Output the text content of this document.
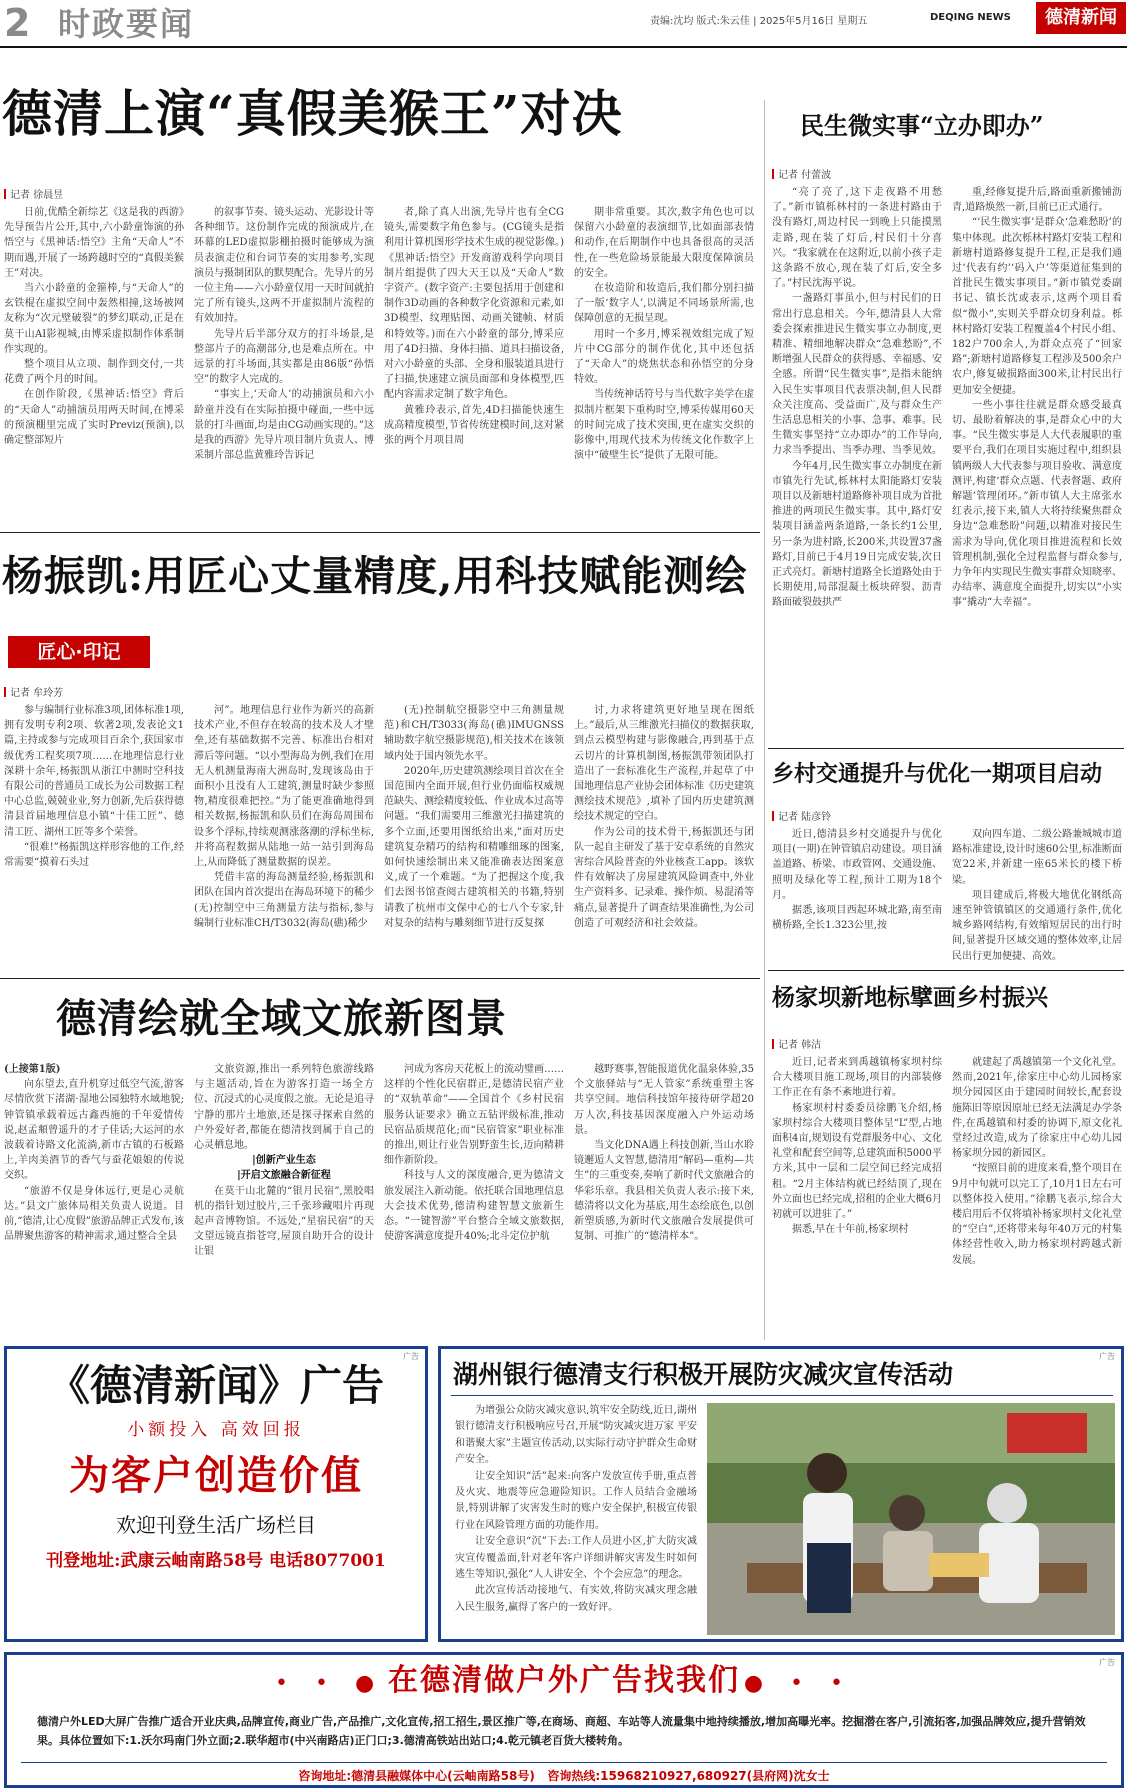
2 时政要闻	责编:沈均 版式:朱云佳 | 2025年5月16日 星期五	DEQING NEWS	德清新闻
德清上演“真假美猴王”对决
记者 徐晨昱

日前,优酷全新综艺《这是我的西游》先导预告片公开,其中,六小龄童饰演的孙悟空与《黑神话:悟空》主角“天命人”不期而遇,开展了一场跨越时空的“真假美猴王”对决。

当六小龄童的金箍棒,与“天命人”的玄铁棍在虚拟空间中轰然相撞,这场被网友称为“次元壁破裂”的梦幻联动,正是在莫干山AI影视城,由博采虚拟制作体系制作实现的。

整个项目从立项、制作到交付,一共花费了两个月的时间。

在创作阶段,《黑神话:悟空》背后的“天命人”动捕演员用两天时间,在博采的预演棚里完成了实时Previz(预演),以确定整部短片

的叙事节奏、镜头运动、光影设计等各种细节。这份制作完成的预演成片,在环幕的LED虚拟影棚拍摄时能够成为演员表演走位和台词节奏的实用参考,实现演员与摄制团队的默契配合。先导片的另一位主角——六小龄童仅用一天时间就拍完了所有镜头,这两不开虚拟制片流程的有效加持。

先导片后半部分双方的打斗场景,是整部片子的高潮部分,也是难点所在。中远景的打斗场面,其实都是由86版“孙悟空”的数字人完成的。

“事实上,‘天命人’的动捕演员和六小龄童并没有在实际拍摄中碰面,一些中远景的打斗画面,均是由CG动画实现的。”这是我的西游》先导片项目制片负责人、博采制片部总监黄雅玲告诉记

者,除了真人出演,先导片也有全CG镜头,需要数字角色参与。(CG镜头是指利用计算机图形学技术生成的视觉影像。)《黑神话:悟空》开发商游戏科学向项目制片组提供了四大天王以及“天命人”数字资产。(数字资产:主要包括用于创建和制作3D动画的各种数字化资源和元素,如3D模型、纹理贴图、动画关键帧、材质和特效等。)而在六小龄童的部分,博采应用了4D扫描、身体扫描、道具扫描设备,对六小龄童的头部、全身和服装道具进行了扫描,快速建立演员面部和身体模型,匹配内容需求定制了数字角色。

黄雅玲表示,首先,4D扫描能快速生成高精度模型,节省传统建模时间,这对紧张的两个月项目周

期非常重要。其次,数字角色也可以保留六小龄童的表演细节,比如面部表情和动作,在后期制作中也具备很高的灵活性,在一些危险场景能最大限度保障演员的安全。

在妆造阶和妆造后,我们都分别扫描了一版‘数字人’,以满足不同场景所需,也保障创意的无损呈现。

用时一个多月,博采视效组完成了短片中CG部分的制作优化,其中还包括了“天命人”的烧焦状态和孙悟空的分身特效。

当传统神话符号与当代数字美学在虚拟制片框架下重构时空,博采传媒用60天的时间完成了技术突围,更在虚实交织的影像中,用现代技术为传统文化作数字上演中“破壁生长”提供了无限可能。

杨振凯:用匠心丈量精度,用科技赋能测绘
匠心·印记
记者 牟玲芳

参与编制行业标准3项,团体标准1项,拥有发明专利2项、软著2项,发表论文1篇,主持或参与完成项目百余个,获国家市级优秀工程奖项7项……在地理信息行业深耕十余年,杨振凯从浙江中测时空科技有限公司的普通员工成长为公司数据工程中心总监,兢兢业业,努力创新,先后获得德清县首届地理信息小镇“十佳工匠”、德清工匠、湖州工匠等多个荣誉。

“很难!”杨振凯这样形容他的工作,经常需要“摸着石头过

河”。地理信息行业作为新兴的高新技术产业,不但存在较高的技术及人才壁垒,还有基础数据不完善、标准出台相对滞后等问题。“以小型海岛为例,我们在用无人机测量海南大洲岛时,发现该岛由于面积小且没有人工建筑,测量时缺少参照物,精度很难把控。”为了能更准确地得到相关数据,杨振凯和队员们在海岛周围布设多个浮标,持续观测涨落潮的浮标坐标,并将高程数据从陆地一站一站引到海岛上,从而降低了测量数据的误差。

凭借丰富的海岛测量经验,杨振凯和团队在国内首次提出在海岛环境下的稀少(无)控制空中三角测量方法与指标,参与编制行业标准CH/T3032(海岛(礁)稀少

(无)控制航空摄影空中三角测量规范)和CH/T3033(海岛(礁)IMUGNSS辅助数字航空摄影规范),相关技术在该领域内处于国内领先水平。

2020年,历史建筑测绘项目首次在全国范围内全面开展,但行业仍面临权威规范缺失、测绘精度较低、作业成本过高等问题。“我们需要用三维激光扫描建筑的多个立面,还要用图纸给出来,”面对历史建筑复杂精巧的结构和精雕细琢的图案,如何快速绘制出来又能准确表达图案意义,成了一个难题。“为了把握这个度,我们去图书馆查阅古建筑相关的书籍,特别请教了杭州市文保中心的七八个专家,针对复杂的结构与雕刻细节进行反复探

讨,力求将建筑更好地呈现在图纸上。”最后,从三维激光扫描仪的数据获取,到点云模型构建与影像融合,再到基于点云切片的计算机制图,杨振凯带领团队打造出了一套标准化生产流程,并起草了中国地理信息产业协会团体标准《历史建筑测绘技术规范》,填补了国内历史建筑测绘技术规定的空白。

作为公司的技术骨干,杨振凯还与团队一起自主研发了基于安卓系统的自然灾害综合风险普查的外业核查工app。该软件有效解决了房屋建筑风险调查中,外业生产资料多、记录难、操作烦、易混淆等痛点,显著提升了调查结果准确性,为公司创造了可观经济和社会效益。

德清绘就全域文旅新图景
(上接第1版)

向东望去,直升机穿过低空气流,游客尽情欣赏下渚湖·湿地公园独特水域地貌;钟管镇承载着远古鑫西施的千年爱情传说,赵孟頫曾遥升的才子佳话;大运河的水波载着诗路文化流淌,新市古镇的石板路上,羊肉美酒节的香气与蚕花娘娘的传说交织。

“旅游不仅是身体远行,更是心灵航达。”县文广旅体局相关负责人说道。目前,“德清,让心度假”旅游品牌正式发布,该品牌聚焦游客的精神需求,通过整合全县

文旅资源,推出一系列特色旅游线路与主题活动,旨在为游客打造一场全方位、沉浸式的心灵度假之旅。无论是追寻宁静的那片土地旅,还是探寻探索自然的户外爱好者,都能在德清找到属于自己的心灵栖息地。

|创新产业生态
|开启文旅融合新征程

在莫干山北麓的“银月民宿”,黑胶唱机的指针划过胶片,三千张珍藏唱片再现起声音博物馆。不远处,“星宿民宿”的天文望远镜直指苍穹,屋顶自助开合的设计让银

河成为客房天花板上的流动璧画……这样的个性化民宿群正,是德清民宿产业的“双轨革命”——全国首个《乡村民宿服务认证要求》确立五钻评级标准,推动民宿品质规范化;而“民宿管家”职业标准的推出,则让行业告别野蛮生长,迈向精耕细作新阶段。

科技与人文的深度融合,更为德清文旅发展注入新动能。依托联合国地理信息大会技术优势,德清构建智慧文旅新生态。“一键智游”平台整合全域文旅数据,使游客满意度提升40%;北斗定位护航

越野赛事,智能报道优化温泉体验,35个文旅驿站与“无人管家”系统重塑主客共享空间。地信科技馆年接待研学超20万人次,科技基因深度融入户外运动场景。

当文化DNA遇上科技创新,当山水聆镜邂逅人文智慧,德清用“解码—重构—共生”的三重变奏,奏响了新时代文旅融合的华彩乐章。我县相关负责人表示:接下来,德清将以文化为基底,用生态绘底色,以创新塑质感,为新时代文旅融合发展提供可复制、可推广的“德清样本”。

民生微实事“立办即办”
记者 付蕾波

“亮了亮了,这下走夜路不用愁了。”新市镇栎林村的一条进村路由于没有路灯,周边村民一到晚上只能摸黑走路,现在装了灯后,村民们十分喜兴。“我家就在在这附近,以前小孩子走这条路不放心,现在装了灯后,安全多了。”村民沈海平说。

一盏路灯事虽小,但与村民们的日常出行息息相关。今年,德清县人大常委会探索推进民生微实事立办制度,更精准、精细地解决群众“急难愁盼”,不断增强人民群众的获得感、幸福感、安全感。所谓“民生微实事”,是指未能纳入民生实事项目代表票决制,但人民群众关注度高、受益面广,及与群众生产生活息息相关的小事、急事、难事。民生微实事坚持“立办即办”的工作导向,力求当季提出、当季办理、当季见效。

今年4月,民生微实事立办制度在新市镇先行先试,栎林村太阳能路灯安装项目以及新塘村道路修补项目成为首批推进的两项民生微实事。其中,路灯安装项目涵盖两条道路,一条长约1公里,另一条为进村路,长200米,共设置37盏路灯,目前已于4月19日完成安装,次日正式亮灯。新塘村道路全长道路处由于长期使用,局部混凝土板块碎裂、沥青路面破裂鼓拱严

重,经修复提升后,路面重新搬铺沥青,道路焕然一新,目前已正式通行。

“‘民生微实事’是群众‘急难愁盼’的集中体现。此次栎林村路灯安装工程和新塘村道路修复提升工程,正是我们通过‘代表有约’‘码入户’等渠道征集到的首批民生微实事项目。”新市镇党委副书记、镇长沈或表示,这两个项目看似“微小”,实则关乎群众切身利益。栎林村路灯安装工程覆盖4个村民小组、182户700余人,为群众点亮了“回家路”;新塘村道路修复工程涉及500余户农户,修复破损路面300米,让村民出行更加安全便捷。

一些小事往往就是群众感受最真切、最盼着解决的事,是群众心中的大事。“民生微实事是人大代表履职的重要平台,我们在项目实施过程中,组织县镇两级人大代表参与项目验收、满意度测评,构建‘群众点题、代表督题、政府解题’管理闭环。”新市镇人大主席张水红表示,接下来,镇人大将持续聚焦群众身边“急难愁盼”问题,以精准对接民生需求为导向,优化项目推进流程和长效管理机制,强化全过程监督与群众参与,力争年内实现民生微实事群众知晓率、办结率、满意度全面提升,切实以“小实事”撬动“大幸福”。

乡村交通提升与优化一期项目启动
记者 陆彦铃

近日,德清县乡村交通提升与优化项目(一期)在钟管镇启动建设。项目涵盖道路、桥梁、市政管网、交通设施、照明及绿化等工程,预计工期为18个月。

据悉,该项目西起环城北路,南至南横桥路,全长1.323公里,按

双向四车道、二级公路兼城城市道路标准建设,设计时速60公里,标准断面宽22米,并新建一座65米长的楼下桥梁。

项目建成后,将极大地优化钢纸高速至钟管镇镇区的交通通行条件,优化城乡路网结构,有效缩短居民的出行时间,显著提升区域交通的整体效率,让居民出行更加便捷、高效。

杨家坝新地标擘画乡村振兴
记者 韩洁

近日,记者来到禹越镇杨家坝村综合大楼项目施工现场,项目的内部装修工作正在有条不紊地进行着。

杨家坝村村委委员徐鹏飞介绍,杨家坝村综合大楼项目整体呈“L”型,占地面积4亩,规划设有党群服务中心、文化礼堂和配套空间等,总建筑面积5000平方米,其中一层和二层空间已经完成招租。“2月主体结构就已经结顶了,现在外立面也已经完成,招租的企业大概6月初就可以进驻了。”

据悉,早在十年前,杨家坝村

就建起了禹越镇第一个文化礼堂。然而,2021年,徐家庄中心幼儿园杨家坝分园园区由于建园时间较长,配套设施陈旧等原因原址已经无法满足办学条件,在禹越镇和村委的协调下,原文化礼堂经过改造,成为了徐家庄中心幼儿园杨家坝分园的新园区。

“按照目前的进度来看,整个项目在9月中旬就可以完工了,10月1日左右可以整体投入使用。”徐鹏飞表示,综合大楼启用后不仅将填补杨家坝村文化礼堂的“空白”,还将带来每年40万元的村集体经营性收入,助力杨家坝村跨越式新发展。

广告
《德清新闻》广告
小额投入 高效回报
为客户创造价值
欢迎刊登生活广场栏目
刊登地址:武康云岫南路58号 电话8077001
广告
湖州银行德清支行积极开展防灾减灾宣传活动

为增强公众防灾减灾意识,筑牢安全防线,近日,湖州银行德清支行积极响应号召,开展“防灾减灾进万家 平安和谐聚大家”主题宣传活动,以实际行动守护群众生命财产安全。

让安全知识“活”起来:向客户发放宣传手册,重点普及火灾、地震等应急避险知识。工作人员结合金融场景,特别讲解了灾害发生时的账户安全保护,积极宣传银行业在风险管理方面的功能作用。

让安全意识“沉”下去:工作人员进小区,扩大防灾减灾宣传覆盖面,针对老年客户详细讲解灾害发生时如何逃生等知识,强化“人人讲安全、个个会应急”的理念。

此次宣传活动接地气、有实效,将防灾减灾理念融入民生服务,赢得了客户的一致好评。

广告
• • ● 在德清做户外广告找我们 ● • •
德清户外LED大屏广告推广适合开业庆典,品牌宣传,商业广告,产品推广,文化宣传,招工招生,景区推广等,在商场、商超、车站等人流量集中地持续播放,增加高曝光率。挖掘潜在客户,引流拓客,加强品牌效应,提升营销效果。具体位置如下:1.沃尔玛南门外立面;2.联华超市(中兴南路店)正门口;3.德清高铁站出站口;4.乾元镇老百货大楼转角。
咨询地址:德清县融媒体中心(云岫南路58号)   咨询热线:15968210927,680927(县府网)沈女士
